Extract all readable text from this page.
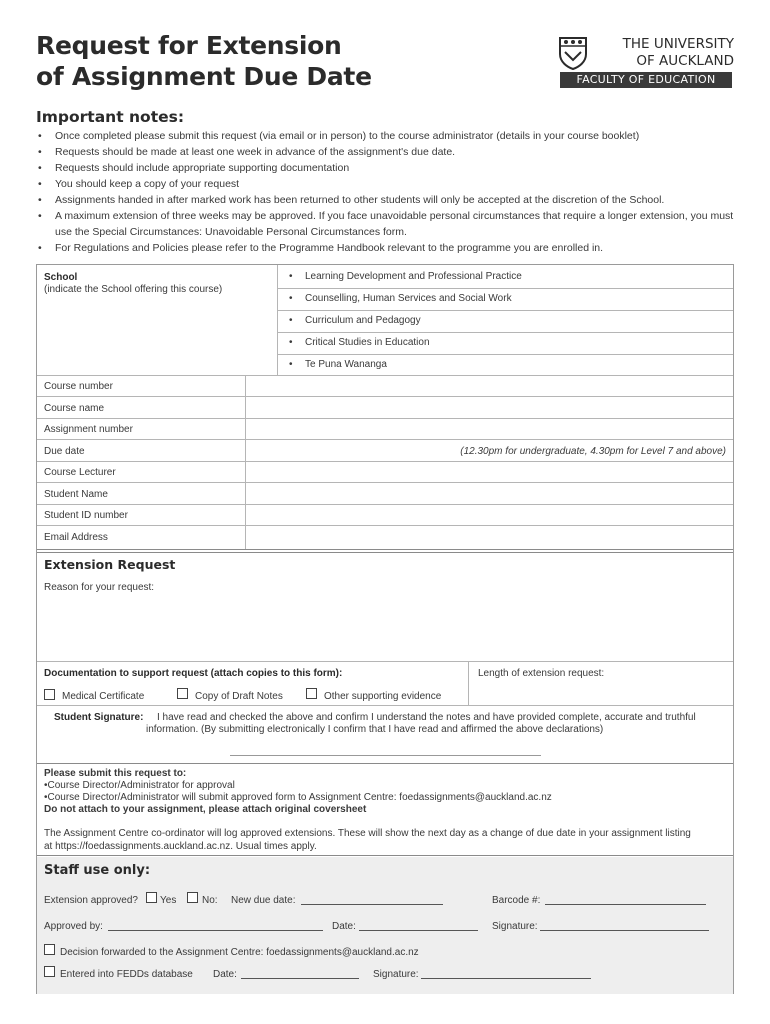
Request for Extension
of Assignment Due Date
THE UNIVERSITY
OF AUCKLAND
FACULTY OF EDUCATION
Important notes:
• Once completed please submit this request (via email or in person) to the course administrator (details in your course booklet)
• Requests should be made at least one week in advance of the assignment's due date.
• Requests should include appropriate supporting documentation
• You should keep a copy of your request
• Assignments handed in after marked work has been returned to other students will only be accepted at the discretion of the School.
• A maximum extension of three weeks may be approved. If you face unavoidable personal circumstances that require a longer extension, you must use the Special Circumstances: Unavoidable Personal Circumstances form.
• For Regulations and Policies please refer to the Programme Handbook relevant to the programme you are enrolled in.
School
(indicate the School offering this course)
• Learning Development and Professional Practice
• Counselling, Human Services and Social Work
• Curriculum and Pedagogy
• Critical Studies in Education
• Te Puna Wananga
Course number
Course name
Assignment number
Due date	(12.30pm for undergraduate, 4.30pm for Level 7 and above)
Course Lecturer
Student Name
Student ID number
Email Address
Extension Request
Reason for your request:
Documentation to support request (attach copies to this form):	Length of extension request:
Medical Certificate	Copy of Draft Notes	Other supporting evidence
Student Signature: I have read and checked the above and confirm I understand the notes and have provided complete, accurate and truthful
information. (By submitting electronically I confirm that I have read and affirmed the above declarations)
Please submit this request to:
•Course Director/Administrator for approval
•Course Director/Administrator will submit approved form to Assignment Centre: foedassignments@auckland.ac.nz
Do not attach to your assignment, please attach original coversheet
The Assignment Centre co-ordinator will log approved extensions. These will show the next day as a change of due date in your assignment listing
at https://foedassignments.auckland.ac.nz. Usual times apply.
Staff use only:
Extension approved? Yes	No: New due date:	Barcode #:
Approved by:	Date:	Signature:
Decision forwarded to the Assignment Centre: foedassignments@auckland.ac.nz
Entered into FEDDs database Date:	Signature:
